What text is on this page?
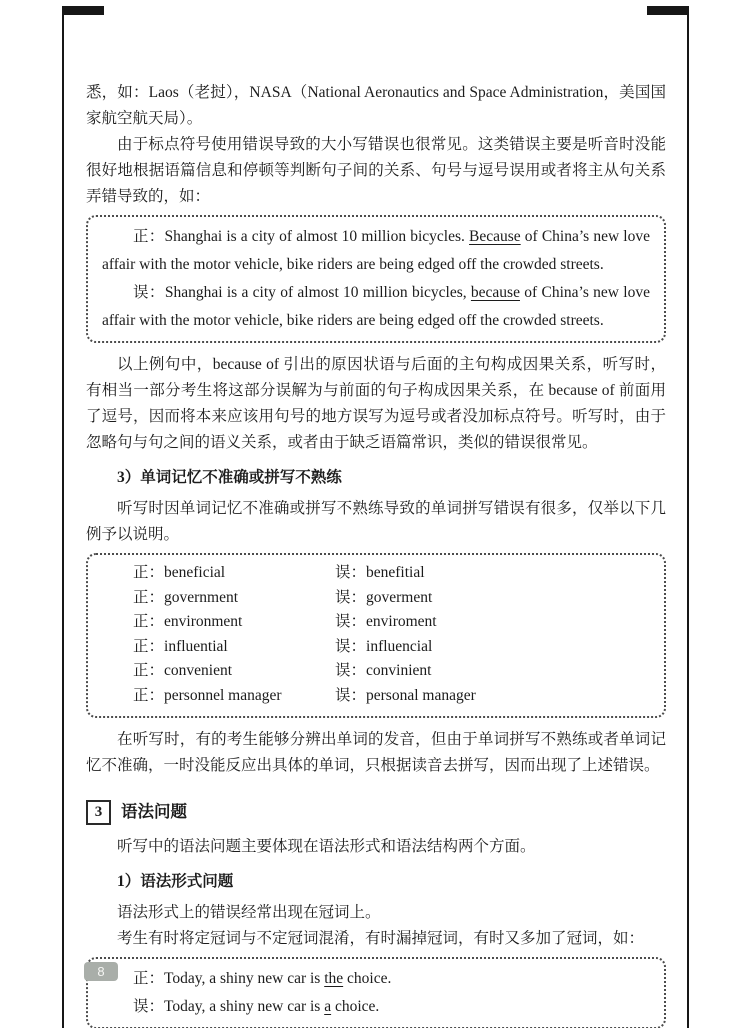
悉，如：Laos（老挝），NASA（National Aeronautics and Space Administration，美国国家航空航天局）。

由于标点符号使用错误导致的大小写错误也很常见。这类错误主要是听音时没能很好地根据语篇信息和停顿等判断句子间的关系、句号与逗号误用或者将主从句关系弄错导致的，如：

正：Shanghai is a city of almost 10 million bicycles. Because of China’s new love affair with the motor vehicle, bike riders are being edged off the crowded streets.

误：Shanghai is a city of almost 10 million bicycles, because of China’s new love affair with the motor vehicle, bike riders are being edged off the crowded streets.

以上例句中，because of 引出的原因状语与后面的主句构成因果关系，听写时，有相当一部分考生将这部分误解为与前面的句子构成因果关系，在 because of 前面用了逗号，因而将本来应该用句号的地方误写为逗号或者没加标点符号。听写时，由于忽略句与句之间的语义关系，或者由于缺乏语篇常识，类似的错误很常见。

3）单词记忆不准确或拼写不熟练

听写时因单词记忆不准确或拼写不熟练导致的单词拼写错误有很多，仅举以下几例予以说明。

正：beneficial	误：benefitial
正：government	误：goverment
正：environment	误：enviroment
正：influential	误：influencial
正：convenient	误：convinient
正：personnel manager	误：personal manager

在听写时，有的考生能够分辨出单词的发音，但由于单词拼写不熟练或者单词记忆不准确，一时没能反应出具体的单词，只根据读音去拼写，因而出现了上述错误。

3	语法问题

听写中的语法问题主要体现在语法形式和语法结构两个方面。

1）语法形式问题

语法形式上的错误经常出现在冠词上。

考生有时将定冠词与不定冠词混淆，有时漏掉冠词，有时又多加了冠词，如：

正：Today, a shiny new car is the choice.

误：Today, a shiny new car is a choice.

8
